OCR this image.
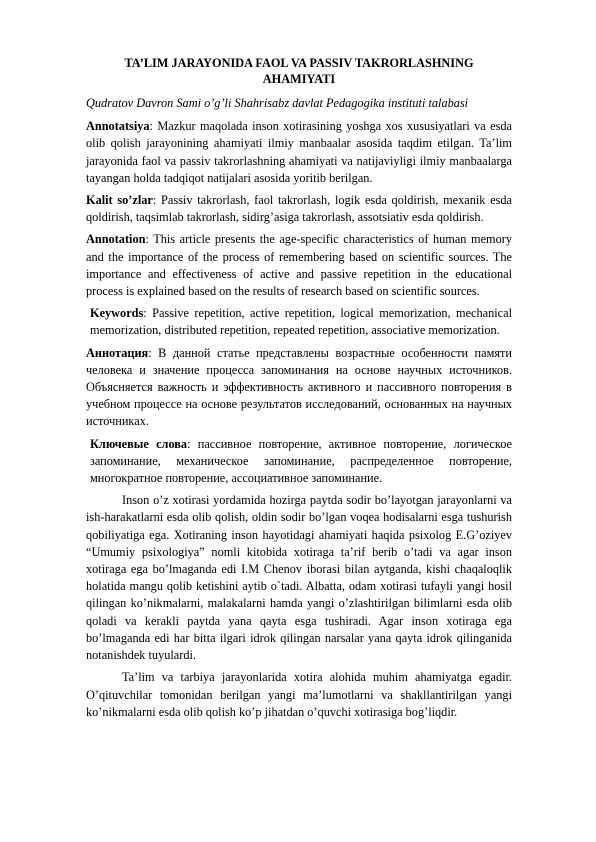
TA’LIM JARAYONIDA FAOL VA PASSIV TAKRORLASHNING AHAMIYATI

Qudratov Davron Sami o’g’li Shahrisabz davlat Pedagogika instituti talabasi

Annotatsiya: Mazkur maqolada inson xotirasining yoshga xos xususiyatlari va esda olib qolish jarayonining ahamiyati ilmiy manbaalar asosida taqdim etilgan. Ta’lim jarayonida faol va passiv takrorlashning ahamiyati va natijaviyligi ilmiy manbaalarga tayangan holda tadqiqot natijalari asosida yoritib berilgan.

Kalit so’zlar: Passiv takrorlash, faol takrorlash, logik esda qoldirish, mexanik esda qoldirish, taqsimlab takrorlash, sidirg’asiga takrorlash, assotsiativ esda qoldirish.

Annotation: This article presents the age-specific characteristics of human memory and the importance of the process of remembering based on scientific sources. The importance and effectiveness of active and passive repetition in the educational process is explained based on the results of research based on scientific sources.

Keywords: Passive repetition, active repetition, logical memorization, mechanical memorization, distributed repetition, repeated repetition, associative memorization.

Аннотация: В данной статье представлены возрастные особенности памяти человека и значение процесса запоминания на основе научных источников. Объясняется важность и эффективность активного и пассивного повторения в учебном процессе на основе результатов исследований, основанных на научных источниках.

Ключевые слова: пассивное повторение, активное повторение, логическое запоминание, механическое запоминание, распределенное повторение, многократное повторение, ассоциативное запоминание.

Inson o’z xotirasi yordamida hozirga paytda sodir bo’layotgan jarayonlarni va ish-harakatlarni esda olib qolish, oldin sodir bo’lgan voqea hodisalarni esga tushurish qobiliyatiga ega. Xotiraning inson hayotidagi ahamiyati haqida psixolog E.G’oziyev “Umumiy psixologiya” nomli kitobida xotiraga ta’rif berib o’tadi va agar inson xotiraga ega bo’lmaganda edi I.M Chenov iborasi bilan aytganda, kishi chaqaloqlik holatida mangu qolib ketishini aytib o`tadi. Albatta, odam xotirasi tufayli yangi hosil qilingan ko’nikmalarni, malakalarni hamda yangi o’zlashtirilgan bilimlarni esda olib qoladi va kerakli paytda yana qayta esga tushiradi. Agar inson xotiraga ega bo’lmaganda edi har bitta ilgari idrok qilingan narsalar yana qayta idrok qilinganida notanishdek tuyulardi.

Ta’lim va tarbiya jarayonlarida xotira alohida muhim ahamiyatga egadir. O’qituvchilar tomonidan berilgan yangi ma’lumotlarni va shakllantirilgan yangi ko’nikmalarni esda olib qolish ko’p jihatdan o’quvchi xotirasiga bog’liqdir.
